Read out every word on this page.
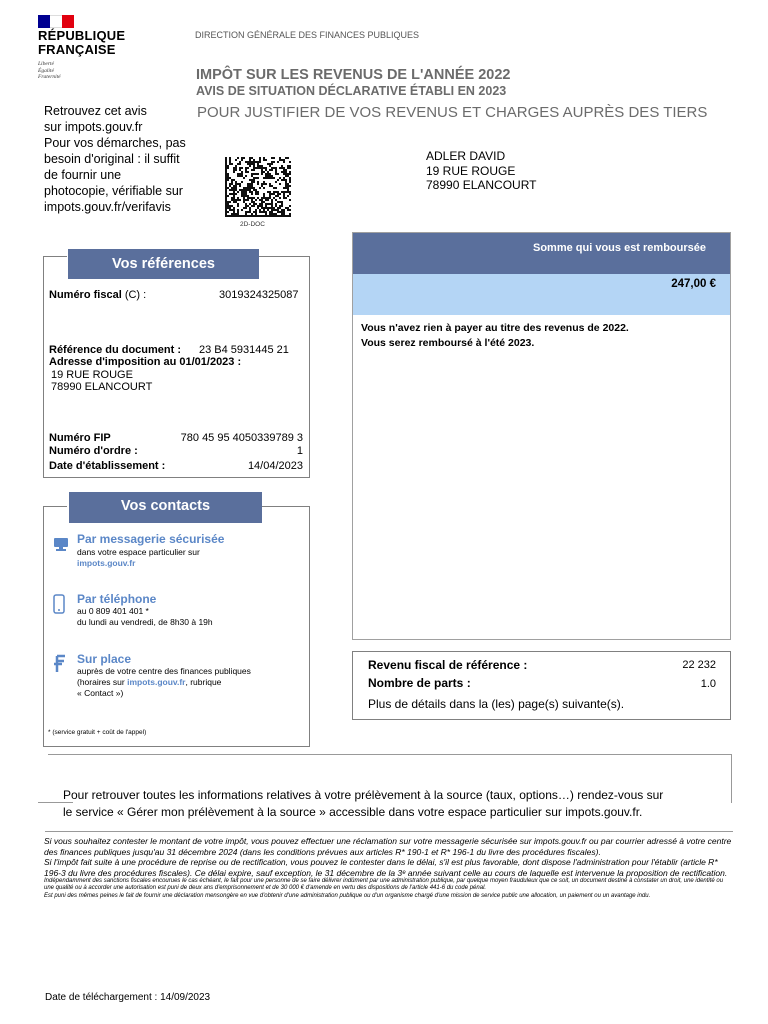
RÉPUBLIQUE
FRANÇAISE
Liberté
Égalité
Fraternité
DIRECTION GÉNÉRALE DES FINANCES PUBLIQUES
IMPÔT SUR LES REVENUS DE L'ANNÉE 2022
AVIS DE SITUATION DÉCLARATIVE ÉTABLI EN 2023
POUR JUSTIFIER DE VOS REVENUS ET CHARGES AUPRÈS DES TIERS
Retrouvez cet avis
sur impots.gouv.fr
Pour vos démarches, pas
besoin d'original : il suffit
de fournir une
photocopie, vérifiable sur
impots.gouv.fr/verifavis
2D-DOC
ADLER DAVID
19 RUE ROUGE
78990 ELANCOURT
Vos références
Numéro fiscal (C) :	3019324325087
Référence du document : 23 B4 5931445 21
Adresse d'imposition au 01/01/2023 :
19 RUE ROUGE
78990 ELANCOURT
Numéro FIP	780 45 95 4050339789 3
Numéro d'ordre :	1
Date d'établissement :	14/04/2023
Vos contacts
Par messagerie sécurisée
dans votre espace particulier sur
impots.gouv.fr
Par téléphone
au 0 809 401 401 *
du lundi au vendredi, de 8h30 à 19h
Sur place
auprès de votre centre des finances publiques
(horaires sur impots.gouv.fr, rubrique
« Contact »)
* (service gratuit + coût de l'appel)
Somme qui vous est remboursée
247,00 €
Vous n'avez rien à payer au titre des revenus de 2022.
Vous serez remboursé à l'été 2023.
Revenu fiscal de référence :	22 232
Nombre de parts :	1.0
Plus de détails dans la (les) page(s) suivante(s).
Pour retrouver toutes les informations relatives à votre prélèvement à la source (taux, options…) rendez-vous sur
le service « Gérer mon prélèvement à la source » accessible dans votre espace particulier sur impots.gouv.fr.
Si vous souhaitez contester le montant de votre impôt, vous pouvez effectuer une réclamation sur votre messagerie sécurisée sur impots.gouv.fr ou par courrier adressé à votre centre des finances publiques jusqu'au 31 décembre 2024 (dans les conditions prévues aux articles R* 190-1 et R* 196-1 du livre des procédures fiscales).
Si l'impôt fait suite à une procédure de reprise ou de rectification, vous pouvez le contester dans le délai, s'il est plus favorable, dont dispose l'administration pour l'établir (article R* 196-3 du livre des procédures fiscales). Ce délai expire, sauf exception, le 31 décembre de la 3ᵉ année suivant celle au cours de laquelle est intervenue la proposition de rectification.
Indépendamment des sanctions fiscales encourues le cas échéant, le fait pour une personne de se faire délivrer indûment par une administration publique, par quelque moyen frauduleux que ce soit, un document destiné à constater un droit, une identité ou une qualité ou à accorder une autorisation est puni de deux ans d'emprisonnement et de 30 000 € d'amende en vertu des dispositions de l'article 441-6 du code pénal.
Est puni des mêmes peines le fait de fournir une déclaration mensongère en vue d'obtenir d'une administration publique ou d'un organisme chargé d'une mission de service public une allocation, un paiement ou un avantage indu.
Date de téléchargement : 14/09/2023
